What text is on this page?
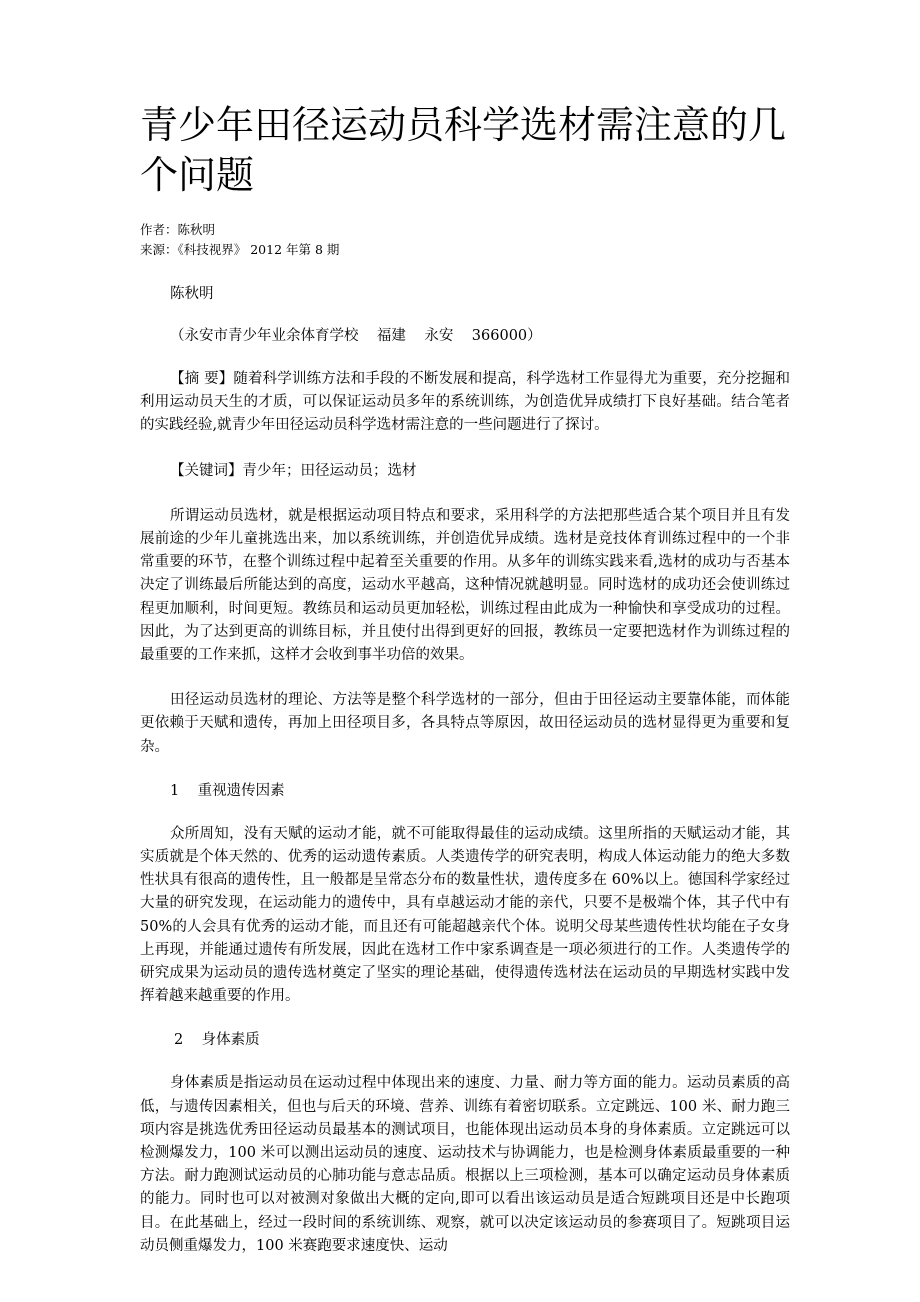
青少年田径运动员科学选材需注意的几个问题
作者：陈秋明
来源：《科技视界》 2012 年第 8 期
陈秋明
（永安市青少年业余体育学校    福建    永安    366000）

【摘 要】随着科学训练方法和手段的不断发展和提高，科学选材工作显得尤为重要，充分挖掘和利用运动员天生的才质，可以保证运动员多年的系统训练，为创造优异成绩打下良好基础。结合笔者的实践经验,就青少年田径运动员科学选材需注意的一些问题进行了探讨。

【关键词】青少年；田径运动员；选材

所谓运动员选材，就是根据运动项目特点和要求，采用科学的方法把那些适合某个项目并且有发展前途的少年儿童挑选出来，加以系统训练，并创造优异成绩。选材是竞技体育训练过程中的一个非常重要的环节，在整个训练过程中起着至关重要的作用。从多年的训练实践来看,选材的成功与否基本决定了训练最后所能达到的高度，运动水平越高，这种情况就越明显。同时选材的成功还会使训练过程更加顺利，时间更短。教练员和运动员更加轻松，训练过程由此成为一种愉快和享受成功的过程。因此，为了达到更高的训练目标，并且使付出得到更好的回报，教练员一定要把选材作为训练过程的最重要的工作来抓，这样才会收到事半功倍的效果。

田径运动员选材的理论、方法等是整个科学选材的一部分，但由于田径运动主要靠体能，而体能更依赖于天赋和遗传，再加上田径项目多，各具特点等原因，故田径运动员的选材显得更为重要和复杂。

1    重视遗传因素

众所周知，没有天赋的运动才能，就不可能取得最佳的运动成绩。这里所指的天赋运动才能，其实质就是个体天然的、优秀的运动遗传素质。人类遗传学的研究表明，构成人体运动能力的绝大多数性状具有很高的遗传性，且一般都是呈常态分布的数量性状，遗传度多在 60%以上。德国科学家经过大量的研究发现，在运动能力的遗传中，具有卓越运动才能的亲代，只要不是极端个体，其子代中有 50%的人会具有优秀的运动才能，而且还有可能超越亲代个体。说明父母某些遗传性状均能在子女身上再现，并能通过遗传有所发展，因此在选材工作中家系调查是一项必须进行的工作。人类遗传学的研究成果为运动员的遗传选材奠定了坚实的理论基础，使得遗传选材法在运动员的早期选材实践中发挥着越来越重要的作用。

2    身体素质

身体素质是指运动员在运动过程中体现出来的速度、力量、耐力等方面的能力。运动员素质的高低，与遗传因素相关，但也与后天的环境、营养、训练有着密切联系。立定跳远、100 米、耐力跑三项内容是挑选优秀田径运动员最基本的测试项目，也能体现出运动员本身的身体素质。立定跳远可以检测爆发力，100 米可以测出运动员的速度、运动技术与协调能力，也是检测身体素质最重要的一种方法。耐力跑测试运动员的心肺功能与意志品质。根据以上三项检测，基本可以确定运动员身体素质的能力。同时也可以对被测对象做出大概的定向,即可以看出该运动员是适合短跳项目还是中长跑项目。在此基础上，经过一段时间的系统训练、观察，就可以决定该运动员的参赛项目了。短跳项目运动员侧重爆发力，100 米赛跑要求速度快、运动
